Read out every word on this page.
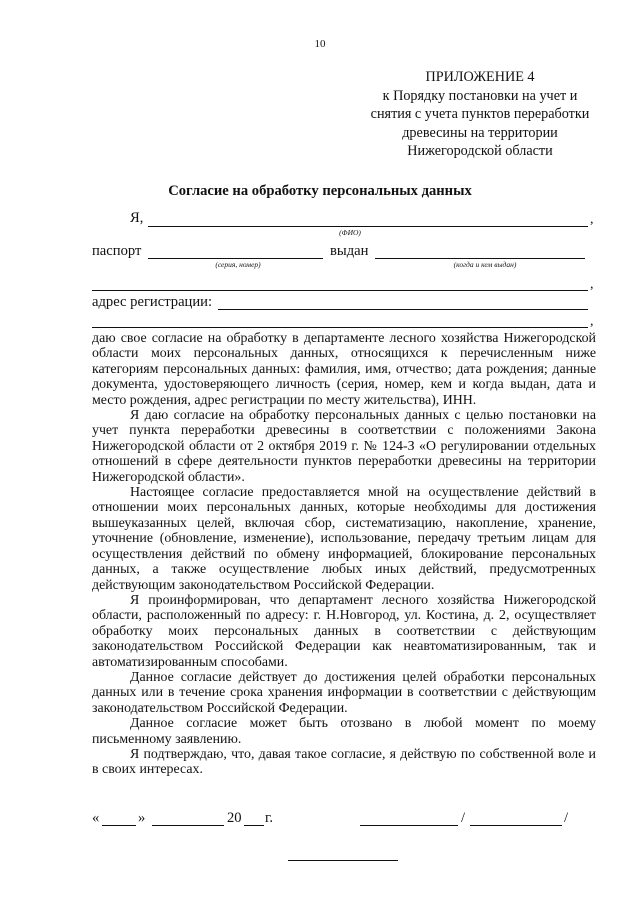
10
ПРИЛОЖЕНИЕ 4
к Порядку постановки на учет и
снятия с учета пунктов переработки
древесины на территории
Нижегородской области
Согласие на обработку персональных данных
Я,	,
(ФИО)
паспорт	выдан
(серия, номер)	(когда и кем выдан)
,
адрес регистрации:
,

даю свое согласие на обработку в департаменте лесного хозяйства Нижегородской области моих персональных данных, относящихся к перечисленным ниже категориям персональных данных: фамилия, имя, отчество; дата рождения; данные документа, удостоверяющего личность (серия, номер, кем и когда выдан, дата и место рождения, адрес регистрации по месту жительства), ИНН.

Я даю согласие на обработку персональных данных с целью постановки на учет пункта переработки древесины в соответствии с положениями Закона Нижегородской области от 2 октября 2019 г. № 124-З «О регулировании отдельных отношений в сфере деятельности пунктов переработки древесины на территории Нижегородской области».

Настоящее согласие предоставляется мной на осуществление действий в отношении моих персональных данных, которые необходимы для достижения вышеуказанных целей, включая сбор, систематизацию, накопление, хранение, уточнение (обновление, изменение), использование, передачу третьим лицам для осуществления действий по обмену информацией, блокирование персональных данных, а также осуществление любых иных действий, предусмотренных действующим законодательством Российской Федерации.

Я проинформирован, что департамент лесного хозяйства Нижегородской области, расположенный по адресу: г. Н.Новгород, ул. Костина, д. 2, осуществляет обработку моих персональных данных в соответствии с действующим законодательством Российской Федерации как неавтоматизированным, так и автоматизированным способами.

Данное согласие действует до достижения целей обработки персональных данных или в течение срока хранения информации в соответствии с действующим законодательством Российской Федерации.

Данное согласие может быть отозвано в любой момент по моему письменному заявлению.

Я подтверждаю, что, давая такое согласие, я действую по собственной воле и в своих интересах.

«	»	20 г.	/	/
